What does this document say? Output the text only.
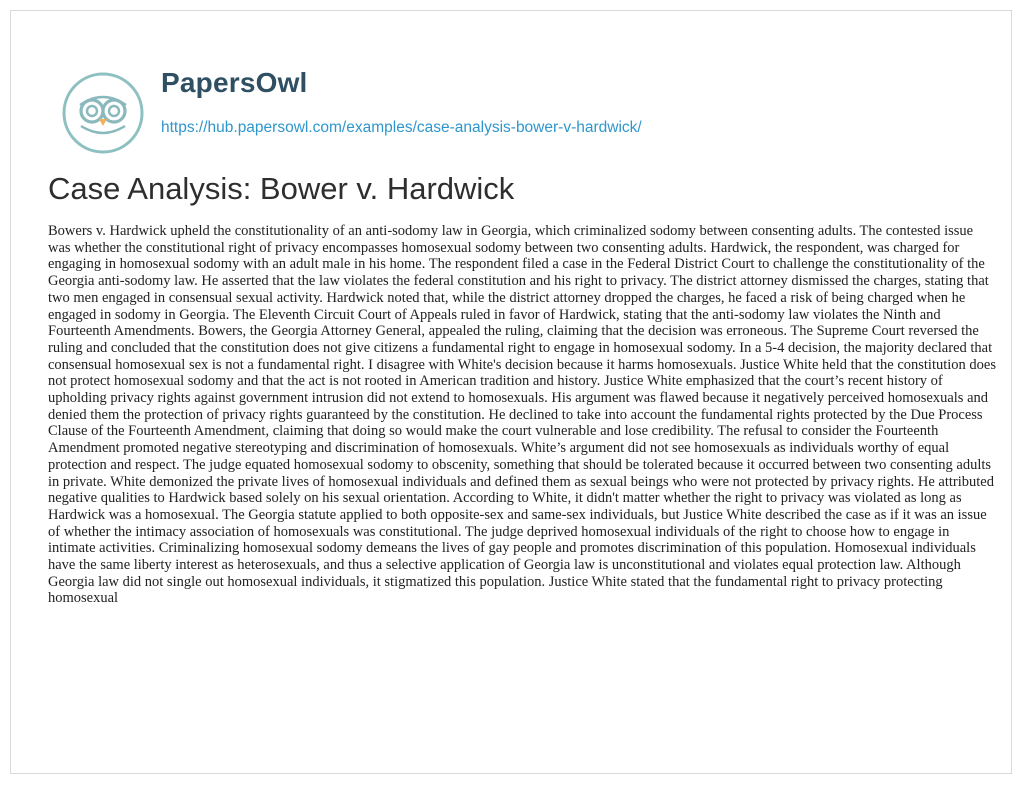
PapersOwl
https://hub.papersowl.com/examples/case-analysis-bower-v-hardwick/
Case Analysis: Bower v. Hardwick

Bowers v. Hardwick upheld the constitutionality of an anti-sodomy law in Georgia, which criminalized sodomy between consenting adults. The contested issue was whether the constitutional right of privacy encompasses homosexual sodomy between two consenting adults. Hardwick, the respondent, was charged for engaging in homosexual sodomy with an adult male in his home. The respondent filed a case in the Federal District Court to challenge the constitutionality of the Georgia anti-sodomy law. He asserted that the law violates the federal constitution and his right to privacy. The district attorney dismissed the charges, stating that two men engaged in consensual sexual activity. Hardwick noted that, while the district attorney dropped the charges, he faced a risk of being charged when he engaged in sodomy in Georgia. The Eleventh Circuit Court of Appeals ruled in favor of Hardwick, stating that the anti-sodomy law violates the Ninth and Fourteenth Amendments. Bowers, the Georgia Attorney General, appealed the ruling, claiming that the decision was erroneous. The Supreme Court reversed the ruling and concluded that the constitution does not give citizens a fundamental right to engage in homosexual sodomy. In a 5-4 decision, the majority declared that consensual homosexual sex is not a fundamental right. I disagree with White's decision because it harms homosexuals. Justice White held that the constitution does not protect homosexual sodomy and that the act is not rooted in American tradition and history. Justice White emphasized that the court’s recent history of upholding privacy rights against government intrusion did not extend to homosexuals. His argument was flawed because it negatively perceived homosexuals and denied them the protection of privacy rights guaranteed by the constitution. He declined to take into account the fundamental rights protected by the Due Process Clause of the Fourteenth Amendment, claiming that doing so would make the court vulnerable and lose credibility. The refusal to consider the Fourteenth Amendment promoted negative stereotyping and discrimination of homosexuals. White’s argument did not see homosexuals as individuals worthy of equal protection and respect. The judge equated homosexual sodomy to obscenity, something that should be tolerated because it occurred between two consenting adults in private. White demonized the private lives of homosexual individuals and defined them as sexual beings who were not protected by privacy rights. He attributed negative qualities to Hardwick based solely on his sexual orientation. According to White, it didn't matter whether the right to privacy was violated as long as Hardwick was a homosexual. The Georgia statute applied to both opposite-sex and same-sex individuals, but Justice White described the case as if it was an issue of whether the intimacy association of homosexuals was constitutional. The judge deprived homosexual individuals of the right to choose how to engage in intimate activities. Criminalizing homosexual sodomy demeans the lives of gay people and promotes discrimination of this population. Homosexual individuals have the same liberty interest as heterosexuals, and thus a selective application of Georgia law is unconstitutional and violates equal protection law. Although Georgia law did not single out homosexual individuals, it stigmatized this population. Justice White stated that the fundamental right to privacy protecting homosexual
